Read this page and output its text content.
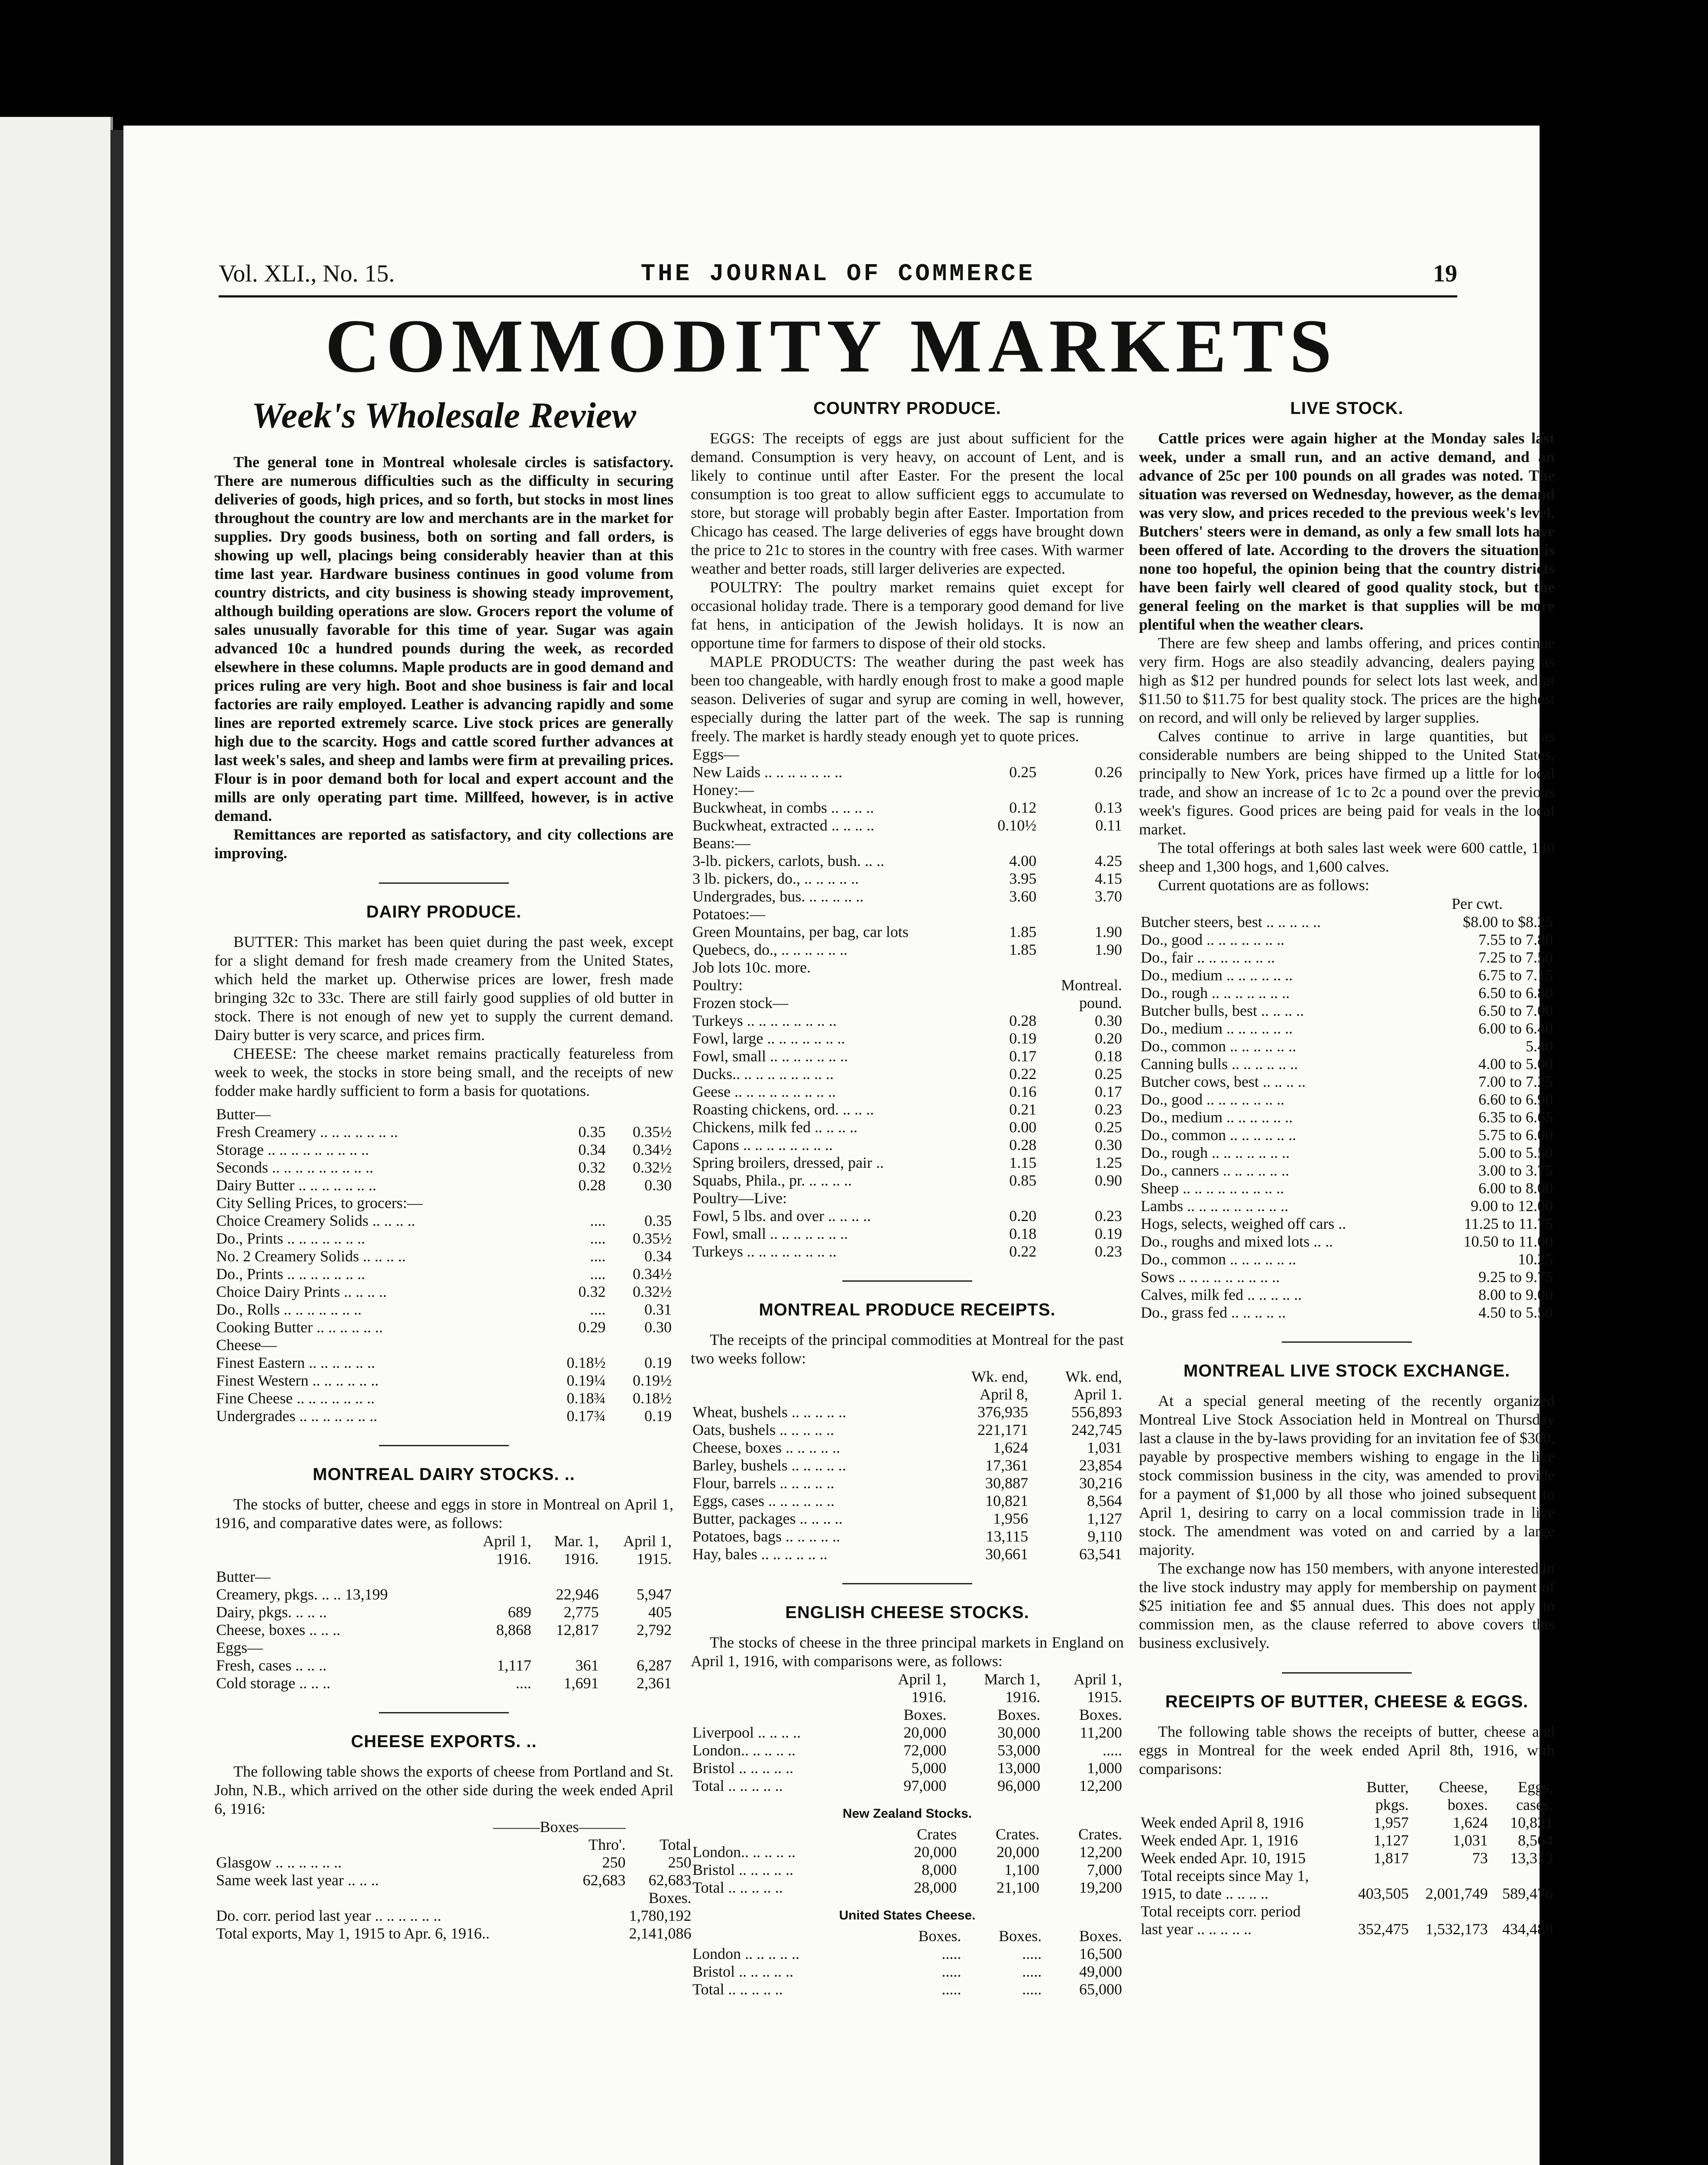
Vol. XLI., No. 15.	THE JOURNAL OF COMMERCE	19
COMMODITY MARKETS
Week's Wholesale Review

The general tone in Montreal wholesale circles is satisfactory. There are numerous difficulties such as the difficulty in securing deliveries of goods, high prices, and so forth, but stocks in most lines throughout the country are low and merchants are in the market for supplies. Dry goods business, both on sorting and fall orders, is showing up well, placings being considerably heavier than at this time last year. Hardware business continues in good volume from country districts, and city business is showing steady improvement, although building operations are slow. Grocers report the volume of sales unusually favorable for this time of year. Sugar was again advanced 10c a hundred pounds during the week, as recorded elsewhere in these columns. Maple products are in good demand and prices ruling are very high. Boot and shoe business is fair and local factories are raily employed. Leather is advancing rapidly and some lines are reported extremely scarce. Live stock prices are generally high due to the scarcity. Hogs and cattle scored further advances at last week's sales, and sheep and lambs were firm at prevailing prices. Flour is in poor demand both for local and expert account and the mills are only operating part time. Millfeed, however, is in active demand.

Remittances are reported as satisfactory, and city collections are improving.

DAIRY PRODUCE.

BUTTER: This market has been quiet during the past week, except for a slight demand for fresh made creamery from the United States, which held the market up. Otherwise prices are lower, fresh made bringing 32c to 33c. There are still fairly good supplies of old butter in stock. There is not enough of new yet to supply the current demand. Dairy butter is very scarce, and prices firm.

CHEESE: The cheese market remains practically featureless from week to week, the stocks in store being small, and the receipts of new fodder make hardly sufficient to form a basis for quotations.

Butter—		
Fresh Creamery .. .. .. .. .. .. ..	0.35	0.35½
Storage .. .. .. .. .. .. .. .. ..	0.34	0.34½
Seconds .. .. .. .. .. .. .. .. ..	0.32	0.32½
Dairy Butter .. .. .. .. .. .. ..	0.28	0.30
City Selling Prices, to grocers:—		
Choice Creamery Solids .. .. .. ..	....	0.35
Do., Prints .. .. .. .. .. .. ..	....	0.35½
No. 2 Creamery Solids .. .. .. ..	....	0.34
Do., Prints .. .. .. .. .. .. ..	....	0.34½
Choice Dairy Prints .. .. .. ..	0.32	0.32½
Do., Rolls .. .. .. .. .. .. ..	....	0.31
Cooking Butter .. .. .. .. .. ..	0.29	0.30
Cheese—		
Finest Eastern .. .. .. .. .. ..	0.18½	0.19
Finest Western .. .. .. .. .. ..	0.19¼	0.19½
Fine Cheese .. .. .. .. .. .. ..	0.18¾	0.18½
Undergrades .. .. .. .. .. .. ..	0.17¾	0.19
MONTREAL DAIRY STOCKS. ..

The stocks of butter, cheese and eggs in store in Montreal on April 1, 1916, and comparative dates were, as follows:

	April 1,	Mar. 1,	April 1,
	1916.	1916.	1915.
Butter—			
Creamery, pkgs. .. .. 13,199		22,946	5,947
Dairy, pkgs. .. .. ..	689	2,775	405
Cheese, boxes .. .. ..	8,868	12,817	2,792
Eggs—			
Fresh, cases .. .. ..	1,117	361	6,287
Cold storage .. .. ..	....	1,691	2,361
CHEESE EXPORTS. ..

The following table shows the exports of cheese from Portland and St. John, N.B., which arrived on the other side during the week ended April 6, 1916:

	———Boxes———	
	Thro'.	Total
Glasgow .. .. .. .. .. ..	250	250
Same week last year .. .. ..	62,683	62,683
		Boxes.
Do. corr. period last year .. .. .. .. .. ..		1,780,192
Total exports, May 1, 1915 to Apr. 6, 1916..		2,141,086
COUNTRY PRODUCE.

EGGS: The receipts of eggs are just about sufficient for the demand. Consumption is very heavy, on account of Lent, and is likely to continue until after Easter. For the present the local consumption is too great to allow sufficient eggs to accumulate to store, but storage will probably begin after Easter. Importation from Chicago has ceased. The large deliveries of eggs have brought down the price to 21c to stores in the country with free cases. With warmer weather and better roads, still larger deliveries are expected.

POULTRY: The poultry market remains quiet except for occasional holiday trade. There is a temporary good demand for live fat hens, in anticipation of the Jewish holidays. It is now an opportune time for farmers to dispose of their old stocks.

MAPLE PRODUCTS: The weather during the past week has been too changeable, with hardly enough frost to make a good maple season. Deliveries of sugar and syrup are coming in well, however, especially during the latter part of the week. The sap is running freely. The market is hardly steady enough yet to quote prices.

Eggs—		
New Laids .. .. .. .. .. .. ..	0.25	0.26
Honey:—		
Buckwheat, in combs .. .. .. ..	0.12	0.13
Buckwheat, extracted .. .. .. ..	0.10½	0.11
Beans:—		
3-lb. pickers, carlots, bush. .. ..	4.00	4.25
3 lb. pickers, do., .. .. .. .. ..	3.95	4.15
Undergrades, bus. .. .. .. .. ..	3.60	3.70
Potatoes:—		
Green Mountains, per bag, car lots	1.85	1.90
Quebecs, do., .. .. .. .. .. ..	1.85	1.90
Job lots 10c. more.		
Poultry:		Montreal.
Frozen stock—		pound.
Turkeys .. .. .. .. .. .. .. ..	0.28	0.30
Fowl, large .. .. .. .. .. .. ..	0.19	0.20
Fowl, small .. .. .. .. .. .. ..	0.17	0.18
Ducks.. .. .. .. .. .. .. .. ..	0.22	0.25
Geese .. .. .. .. .. .. .. .. ..	0.16	0.17
Roasting chickens, ord. .. .. ..	0.21	0.23
Chickens, milk fed .. .. .. ..	0.00	0.25
Capons .. .. .. .. .. .. .. ..	0.28	0.30
Spring broilers, dressed, pair ..	1.15	1.25
Squabs, Phila., pr. .. .. .. ..	0.85	0.90
Poultry—Live:		
Fowl, 5 lbs. and over .. .. .. ..	0.20	0.23
Fowl, small .. .. .. .. .. .. ..	0.18	0.19
Turkeys .. .. .. .. .. .. .. ..	0.22	0.23
MONTREAL PRODUCE RECEIPTS.

The receipts of the principal commodities at Montreal for the past two weeks follow:

	Wk. end,	Wk. end,
	April 8,	April 1.
Wheat, bushels .. .. .. .. ..	376,935	556,893
Oats, bushels .. .. .. .. ..	221,171	242,745
Cheese, boxes .. .. .. .. ..	1,624	1,031
Barley, bushels .. .. .. .. ..	17,361	23,854
Flour, barrels .. .. .. .. ..	30,887	30,216
Eggs, cases .. .. .. .. .. ..	10,821	8,564
Butter, packages .. .. .. ..	1,956	1,127
Potatoes, bags .. .. .. .. ..	13,115	9,110
Hay, bales .. .. .. .. .. ..	30,661	63,541
ENGLISH CHEESE STOCKS.

The stocks of cheese in the three principal markets in England on April 1, 1916, with comparisons were, as follows:

	April 1,	March 1,	April 1,
	1916.	1916.	1915.
	Boxes.	Boxes.	Boxes.
Liverpool .. .. .. ..	20,000	30,000	11,200
London.. .. .. .. ..	72,000	53,000	.....
Bristol .. .. .. .. ..	5,000	13,000	1,000

Total .. .. .. .. ..	97,000	96,000	12,200
New Zealand Stocks.
	Crates	Crates.	Crates.
London.. .. .. .. ..	20,000	20,000	12,200
Bristol .. .. .. .. ..	8,000	1,100	7,000

Total .. .. .. .. ..	28,000	21,100	19,200
United States Cheese.
	Boxes.	Boxes.	Boxes.
London .. .. .. .. ..	.....	.....	16,500
Bristol .. .. .. .. ..	.....	.....	49,000

Total .. .. .. .. ..	.....	.....	65,000
LIVE STOCK.

Cattle prices were again higher at the Monday sales last week, under a small run, and an active demand, and an advance of 25c per 100 pounds on all grades was noted. The situation was reversed on Wednesday, however, as the demand was very slow, and prices receded to the previous week's level. Butchers' steers were in demand, as only a few small lots have been offered of late. According to the drovers the situation is none too hopeful, the opinion being that the country districts have been fairly well cleared of good quality stock, but the general feeling on the market is that supplies will be more plentiful when the weather clears.

There are few sheep and lambs offering, and prices continue very firm. Hogs are also steadily advancing, dealers paying as high as $12 per hundred pounds for select lots last week, and at $11.50 to $11.75 for best quality stock. The prices are the highest on record, and will only be relieved by larger supplies.

Calves continue to arrive in large quantities, but as considerable numbers are being shipped to the United States, principally to New York, prices have firmed up a little for local trade, and show an increase of 1c to 2c a pound over the previous week's figures. Good prices are being paid for veals in the local market.

The total offerings at both sales last week were 600 cattle, 130 sheep and 1,300 hogs, and 1,600 calves.

Current quotations are as follows:

Per cwt.
Butcher steers, best .. .. .. .. ..	$8.00 to $8.25
Do., good .. .. .. .. .. .. ..	7.55 to 7.80
Do., fair .. .. .. .. .. .. ..	7.25 to 7.50
Do., medium .. .. .. .. .. ..	6.75 to 7.15
Do., rough .. .. .. .. .. .. ..	6.50 to 6.80
Butcher bulls, best .. .. .. ..	6.50 to 7.00
Do., medium .. .. .. .. .. ..	6.00 to 6.40
Do., common .. .. .. .. .. ..	5.40
Canning bulls .. .. .. .. .. ..	4.00 to 5.00
Butcher cows, best .. .. .. ..	7.00 to 7.25
Do., good .. .. .. .. .. .. ..	6.60 to 6.90
Do., medium .. .. .. .. .. ..	6.35 to 6.65
Do., common .. .. .. .. .. ..	5.75 to 6.00
Do., rough .. .. .. .. .. .. ..	5.00 to 5.50
Do., canners .. .. .. .. .. ..	3.00 to 3.75
Sheep .. .. .. .. .. .. .. .. ..	6.00 to 8.00
Lambs .. .. .. .. .. .. .. .. ..	9.00 to 12.00
Hogs, selects, weighed off cars ..	11.25 to 11.75
Do., roughs and mixed lots .. ..	10.50 to 11.00
Do., common .. .. .. .. .. ..	10.25
Sows .. .. .. .. .. .. .. .. ..	9.25 to 9.75
Calves, milk fed .. .. .. .. ..	8.00 to 9.00
Do., grass fed .. .. .. .. ..	4.50 to 5.50
MONTREAL LIVE STOCK EXCHANGE.

At a special general meeting of the recently organized Montreal Live Stock Association held in Montreal on Thursday last a clause in the by-laws providing for an invitation fee of $300, payable by prospective members wishing to engage in the live stock commission business in the city, was amended to provide for a payment of $1,000 by all those who joined subsequent to April 1, desiring to carry on a local commission trade in live stock. The amendment was voted on and carried by a large majority.

The exchange now has 150 members, with anyone interested in the live stock industry may apply for membership on payment of $25 initiation fee and $5 annual dues. This does not apply to commission men, as the clause referred to above covers this business exclusively.

RECEIPTS OF BUTTER, CHEESE & EGGS.

The following table shows the receipts of butter, cheese and eggs in Montreal for the week ended April 8th, 1916, with comparisons:

	Butter,	Cheese,	Eggs,
	pkgs.	boxes.	cases.
Week ended April 8, 1916	1,957	1,624	10,821
Week ended Apr. 1, 1916	1,127	1,031	8,564
Week ended Apr. 10, 1915	1,817	73	13,313
Total receipts since May 1,			
1915, to date .. .. .. ..	403,505	2,001,749	589,476
Total receipts corr. period			
last year .. .. .. .. ..	352,475	1,532,173	434,489
